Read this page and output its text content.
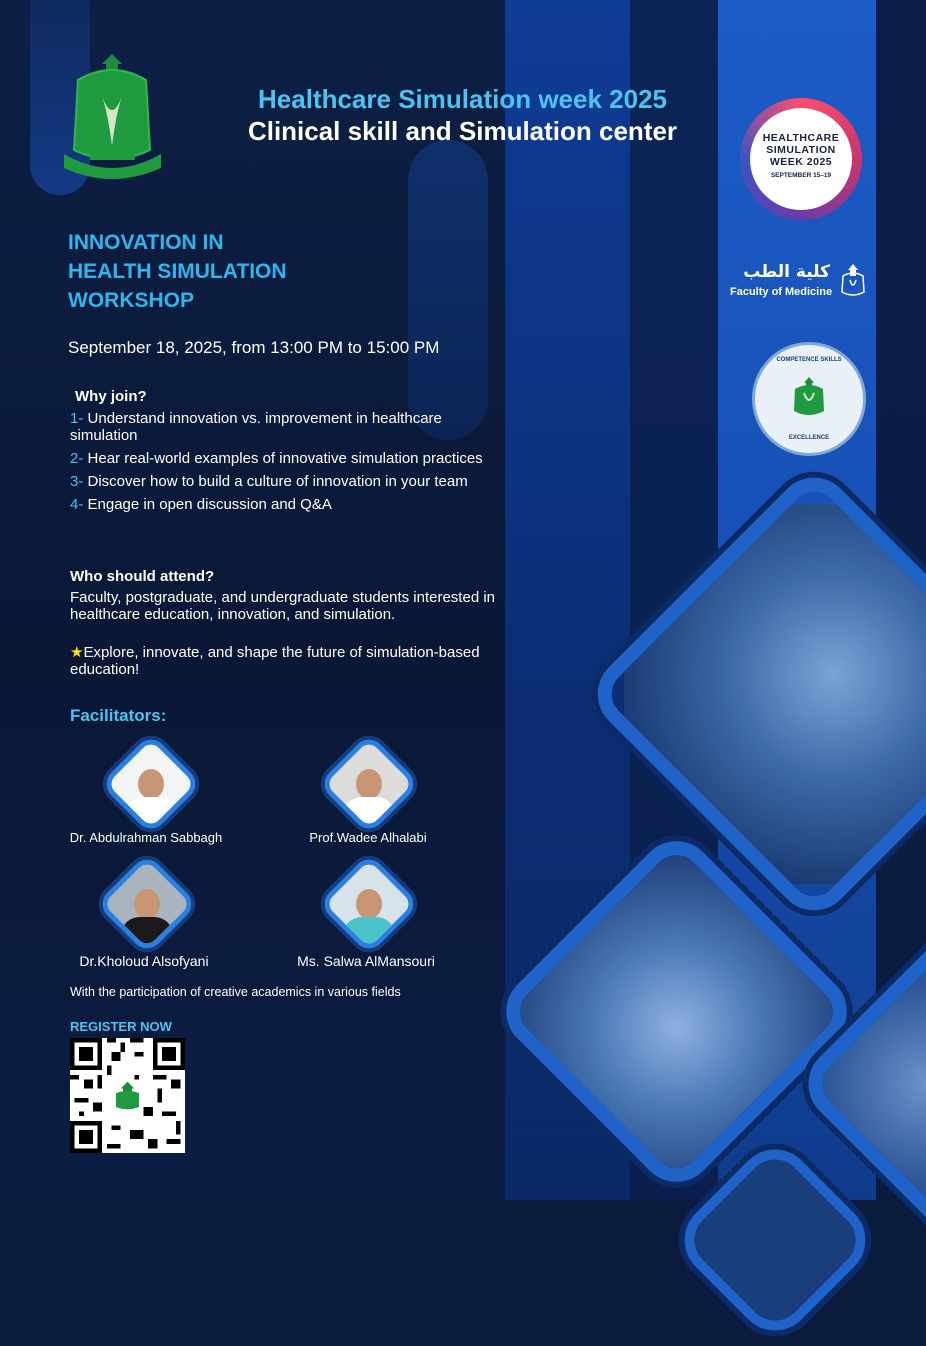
Healthcare Simulation week 2025
Clinical skill and Simulation center	HEALTHCARE
SIMULATION
WEEK 2025
SEPTEMBER 15–19
كلية الطب
Faculty of Medicine
COMPETENCE SKILLS
EXCELLENCE
INNOVATION IN
HEALTH SIMULATION
WORKSHOP
September 18, 2025, from 13:00 PM to 15:00 PM
Why join?
1- Understand innovation vs. improvement in healthcare simulation
2- Hear real-world examples of innovative simulation practices
3- Discover how to build a culture of innovation in your team
4- Engage in open discussion and Q&A
Who should attend?
Faculty, postgraduate, and undergraduate students interested in healthcare education, innovation, and simulation.
★Explore, innovate, and shape the future of simulation-based education!
Facilitators:
Dr. Abdulrahman Sabbagh	Prof.Wadee Alhalabi
Dr.Kholoud Alsofyani	Ms. Salwa AlMansouri
With the participation of creative academics in various fields
REGISTER NOW
